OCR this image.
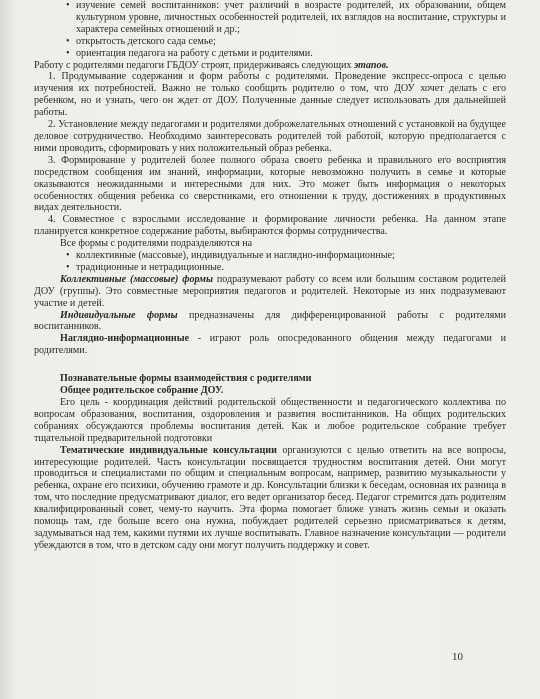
• изучение семей воспитанников: учет различий в возрасте родителей, их образовании, общем культурном уровне, личностных особенностей родителей, их взглядов на воспитание, структуры и характера семейных отношений и др.;

• открытость детского сада семье;

• ориентация педагога на работу с детьми и родителями.

Работу с родителями педагоги ГБДОУ строят, придерживаясь следующих этапов.

1. Продумывание содержания и форм работы с родителями. Проведение экспресс-опроса с целью изучения их потребностей. Важно не только сообщить родителю о том, что ДОУ хочет делать с его ребенком, но и узнать, чего он ждет от ДОУ. Полученные данные следует использовать для дальнейшей работы.

2. Установление между педагогами и родителями доброжелательных отношений с установкой на будущее деловое сотрудничество. Необходимо заинтересовать родителей той работой, которую предполагается с ними проводить, сформировать у них положительный образ ребенка.

3. Формирование у родителей более полного образа своего ребенка и правильного его восприятия посредством сообщения им знаний, информации, которые невозможно получить в семье и которые оказываются неожиданными и интересными для них. Это может быть информация о некоторых особенностях общения ребенка со сверстниками, его отношении к труду, достижениях в продуктивных видах деятельности.

4. Совместное с взрослыми исследование и формирование личности ребенка. На данном этапе планируется конкретное содержание работы, выбираются формы сотрудничества.

Все формы с родителями подразделяются на

• коллективные (массовые), индивидуальные и наглядно-информационные;

• традиционные и нетрадиционные.

Коллективные (массовые) формы подразумевают работу со всем или большим составом родителей ДОУ (группы). Это совместные мероприятия педагогов и родителей. Некоторые из них подразумевают участие и детей.

Индивидуальные формы предназначены для дифференцированной работы с родителями воспитанников.

Наглядно-информационные - играют роль опосредованного общения между педагогами и родителями.

Познавательные формы взаимодействия с родителями

Общее родительское собрание ДОУ.

Его цель - координация действий родительской общественности и педагогического коллектива по вопросам образования, воспитания, оздоровления и развития воспитанников. На общих родительских собраниях обсуждаются проблемы воспитания детей. Как и любое родительское собрание требует тщательной предварительной подготовки

Тематические индивидуальные консультации организуются с целью ответить на все вопросы, интересующие родителей. Часть консультации посвящается трудностям воспитания детей. Они могут проводиться и специалистами по общим и специальным вопросам, например, развитию музыкальности у ребенка, охране его психики, обучению грамоте и др. Консультации близки к беседам, основная их разница в том, что последние предусматривают диалог, его ведет организатор бесед. Педагог стремится дать родителям квалифицированный совет, чему-то научить. Эта форма помогает ближе узнать жизнь семьи и оказать помощь там, где больше всего она нужна, побуждает родителей серьезно присматриваться к детям, задумываться над тем, какими путями их лучше воспитывать. Главное назначение консультации — родители убеждаются в том, что в детском саду они могут получить поддержку и совет.

10
